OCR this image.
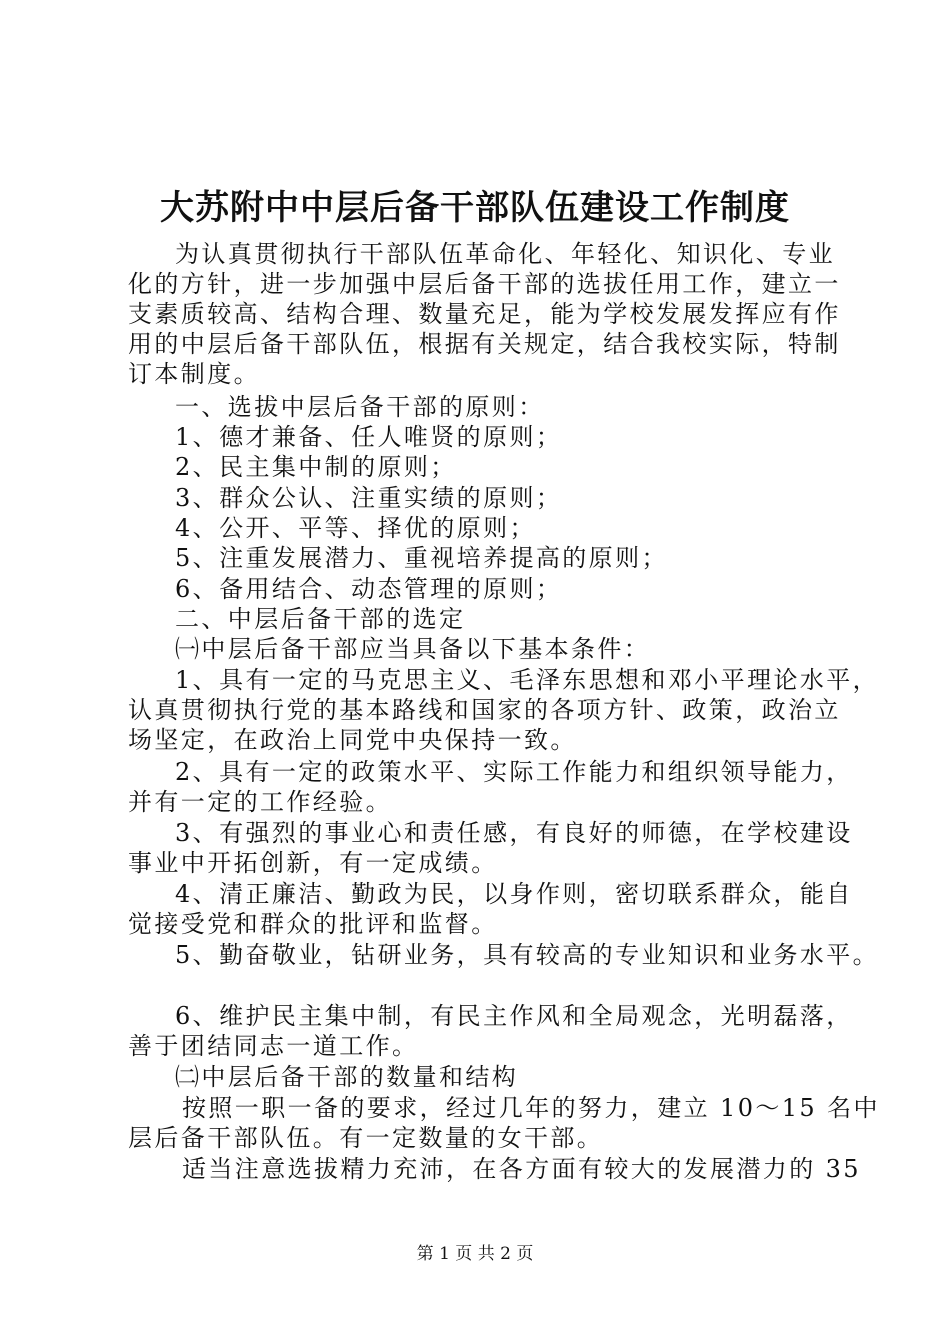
大苏附中中层后备干部队伍建设工作制度
为认真贯彻执行干部队伍革命化、年轻化、知识化、专业
化的方针，进一步加强中层后备干部的选拔任用工作，建立一
支素质较高、结构合理、数量充足，能为学校发展发挥应有作
用的中层后备干部队伍，根据有关规定，结合我校实际，特制
订本制度。
一、选拔中层后备干部的原则：
1、德才兼备、任人唯贤的原则；
2、民主集中制的原则；
3、群众公认、注重实绩的原则；
4、公开、平等、择优的原则；
5、注重发展潜力、重视培养提高的原则；
6、备用结合、动态管理的原则；
二、中层后备干部的选定
㈠中层后备干部应当具备以下基本条件：
1、具有一定的马克思主义、毛泽东思想和邓小平理论水平，
认真贯彻执行党的基本路线和国家的各项方针、政策，政治立
场坚定，在政治上同党中央保持一致。
2、具有一定的政策水平、实际工作能力和组织领导能力，
并有一定的工作经验。
3、有强烈的事业心和责任感，有良好的师德，在学校建设
事业中开拓创新，有一定成绩。
4、清正廉洁、勤政为民，以身作则，密切联系群众，能自
觉接受党和群众的批评和监督。
5、勤奋敬业，钻研业务，具有较高的专业知识和业务水平。
6、维护民主集中制，有民主作风和全局观念，光明磊落，
善于团结同志一道工作。
㈡中层后备干部的数量和结构
按照一职一备的要求，经过几年的努力，建立 10～15 名中
层后备干部队伍。有一定数量的女干部。
适当注意选拔精力充沛，在各方面有较大的发展潜力的 35
第 1 页 共 2 页
